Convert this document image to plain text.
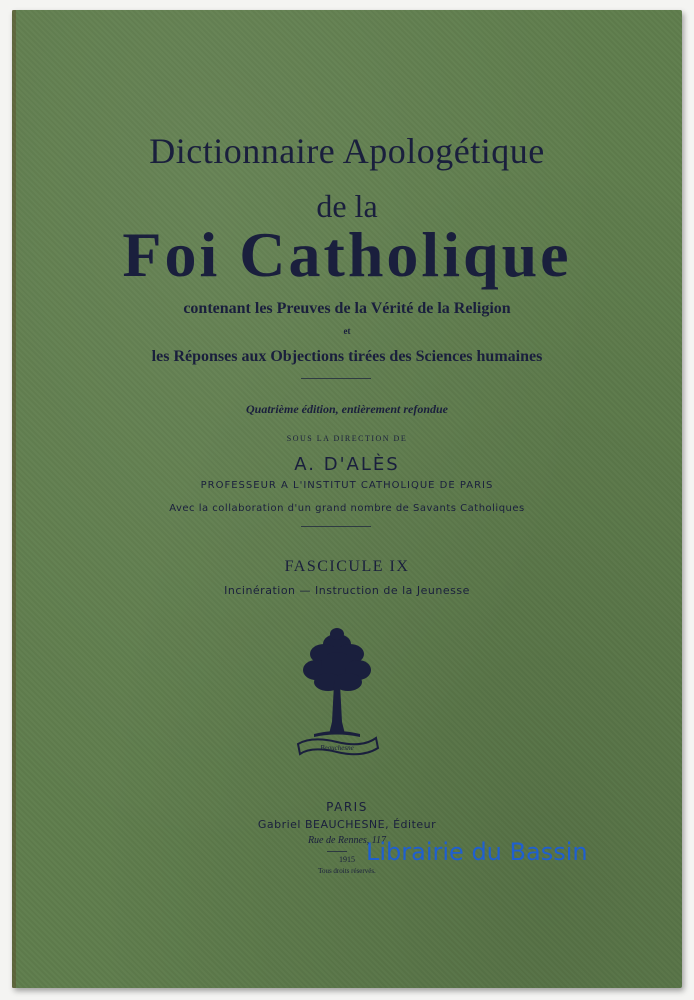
Dictionnaire Apologétique
de la
Foi Catholique
contenant les Preuves de la Vérité de la Religion
et
les Réponses aux Objections tirées des Sciences humaines
Quatrième édition, entièrement refondue
SOUS LA DIRECTION DE
A. D'ALÈS
PROFESSEUR A L'INSTITUT CATHOLIQUE DE PARIS
Avec la collaboration d'un grand nombre de Savants Catholiques
FASCICULE IX
Incinération — Instruction de la Jeunesse
Beauchesne
PARIS
Gabriel BEAUCHESNE, Éditeur
Rue de Rennes, 117
1915
Tous droits réservés.
Librairie du Bassin
